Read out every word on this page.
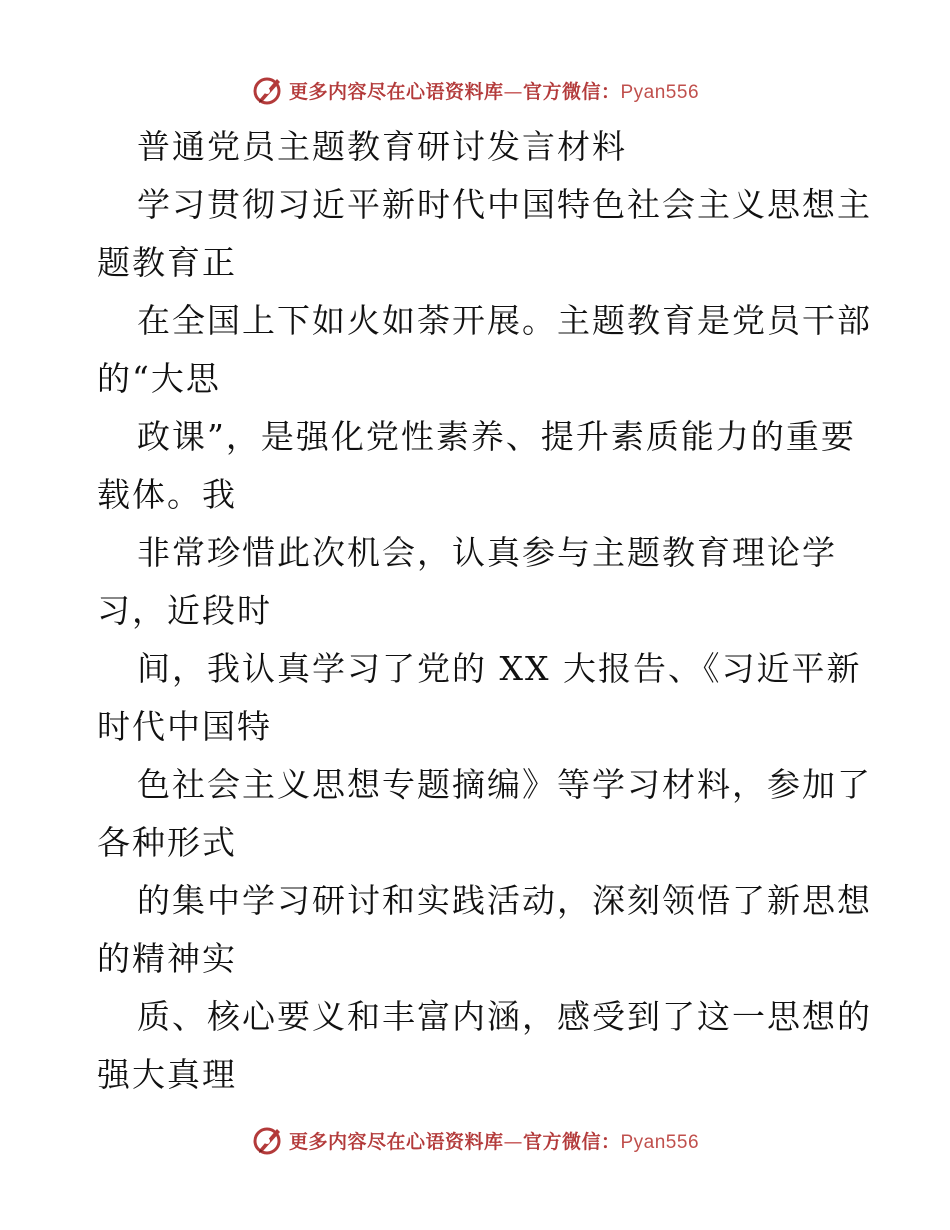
更多内容尽在心语资料库 — 官方微信： Pyan556
普通党员主题教育研讨发言材料
学习贯彻习近平新时代中国特色社会主义思想主
题教育正
在全国上下如火如荼开展。主题教育是党员干部
的“大思
政课”，是强化党性素养、提升素质能力的重要
载体。我
非常珍惜此次机会，认真参与主题教育理论学
习，近段时
间，我认真学习了党的 XX 大报告、《习近平新
时代中国特
色社会主义思想专题摘编》等学习材料，参加了
各种形式
的集中学习研讨和实践活动，深刻领悟了新思想
的精神实
质、核心要义和丰富内涵，感受到了这一思想的
强大真理
更多内容尽在心语资料库 — 官方微信： Pyan556
